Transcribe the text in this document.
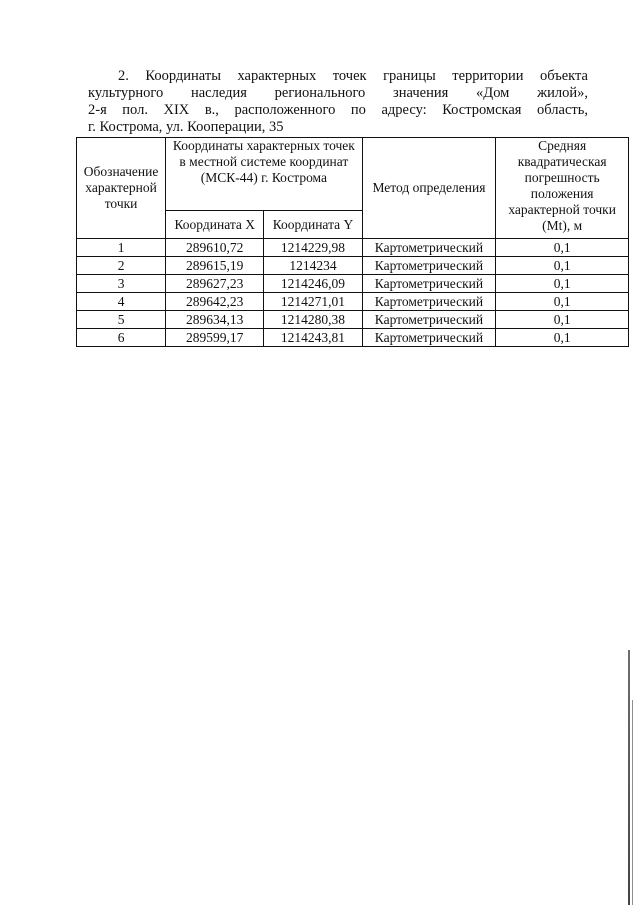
2. Координаты характерных точек границы территории объекта
культурного наследия регионального значения «Дом жилой»,
2-я пол. XIX в., расположенного по адресу: Костромская область,
г. Кострома, ул. Кооперации, 35
Обозначение характерной точки	Координаты характерных точек в местной системе координат (МСК-44) г. Кострома		Метод определения	Средняя квадратическая погрешность положения характерной точки (Mt), м
	Координата X	Координата Y		
1	289610,72	1214229,98	Картометрический	0,1
2	289615,19	1214234	Картометрический	0,1
3	289627,23	1214246,09	Картометрический	0,1
4	289642,23	1214271,01	Картометрический	0,1
5	289634,13	1214280,38	Картометрический	0,1
6	289599,17	1214243,81	Картометрический	0,1
